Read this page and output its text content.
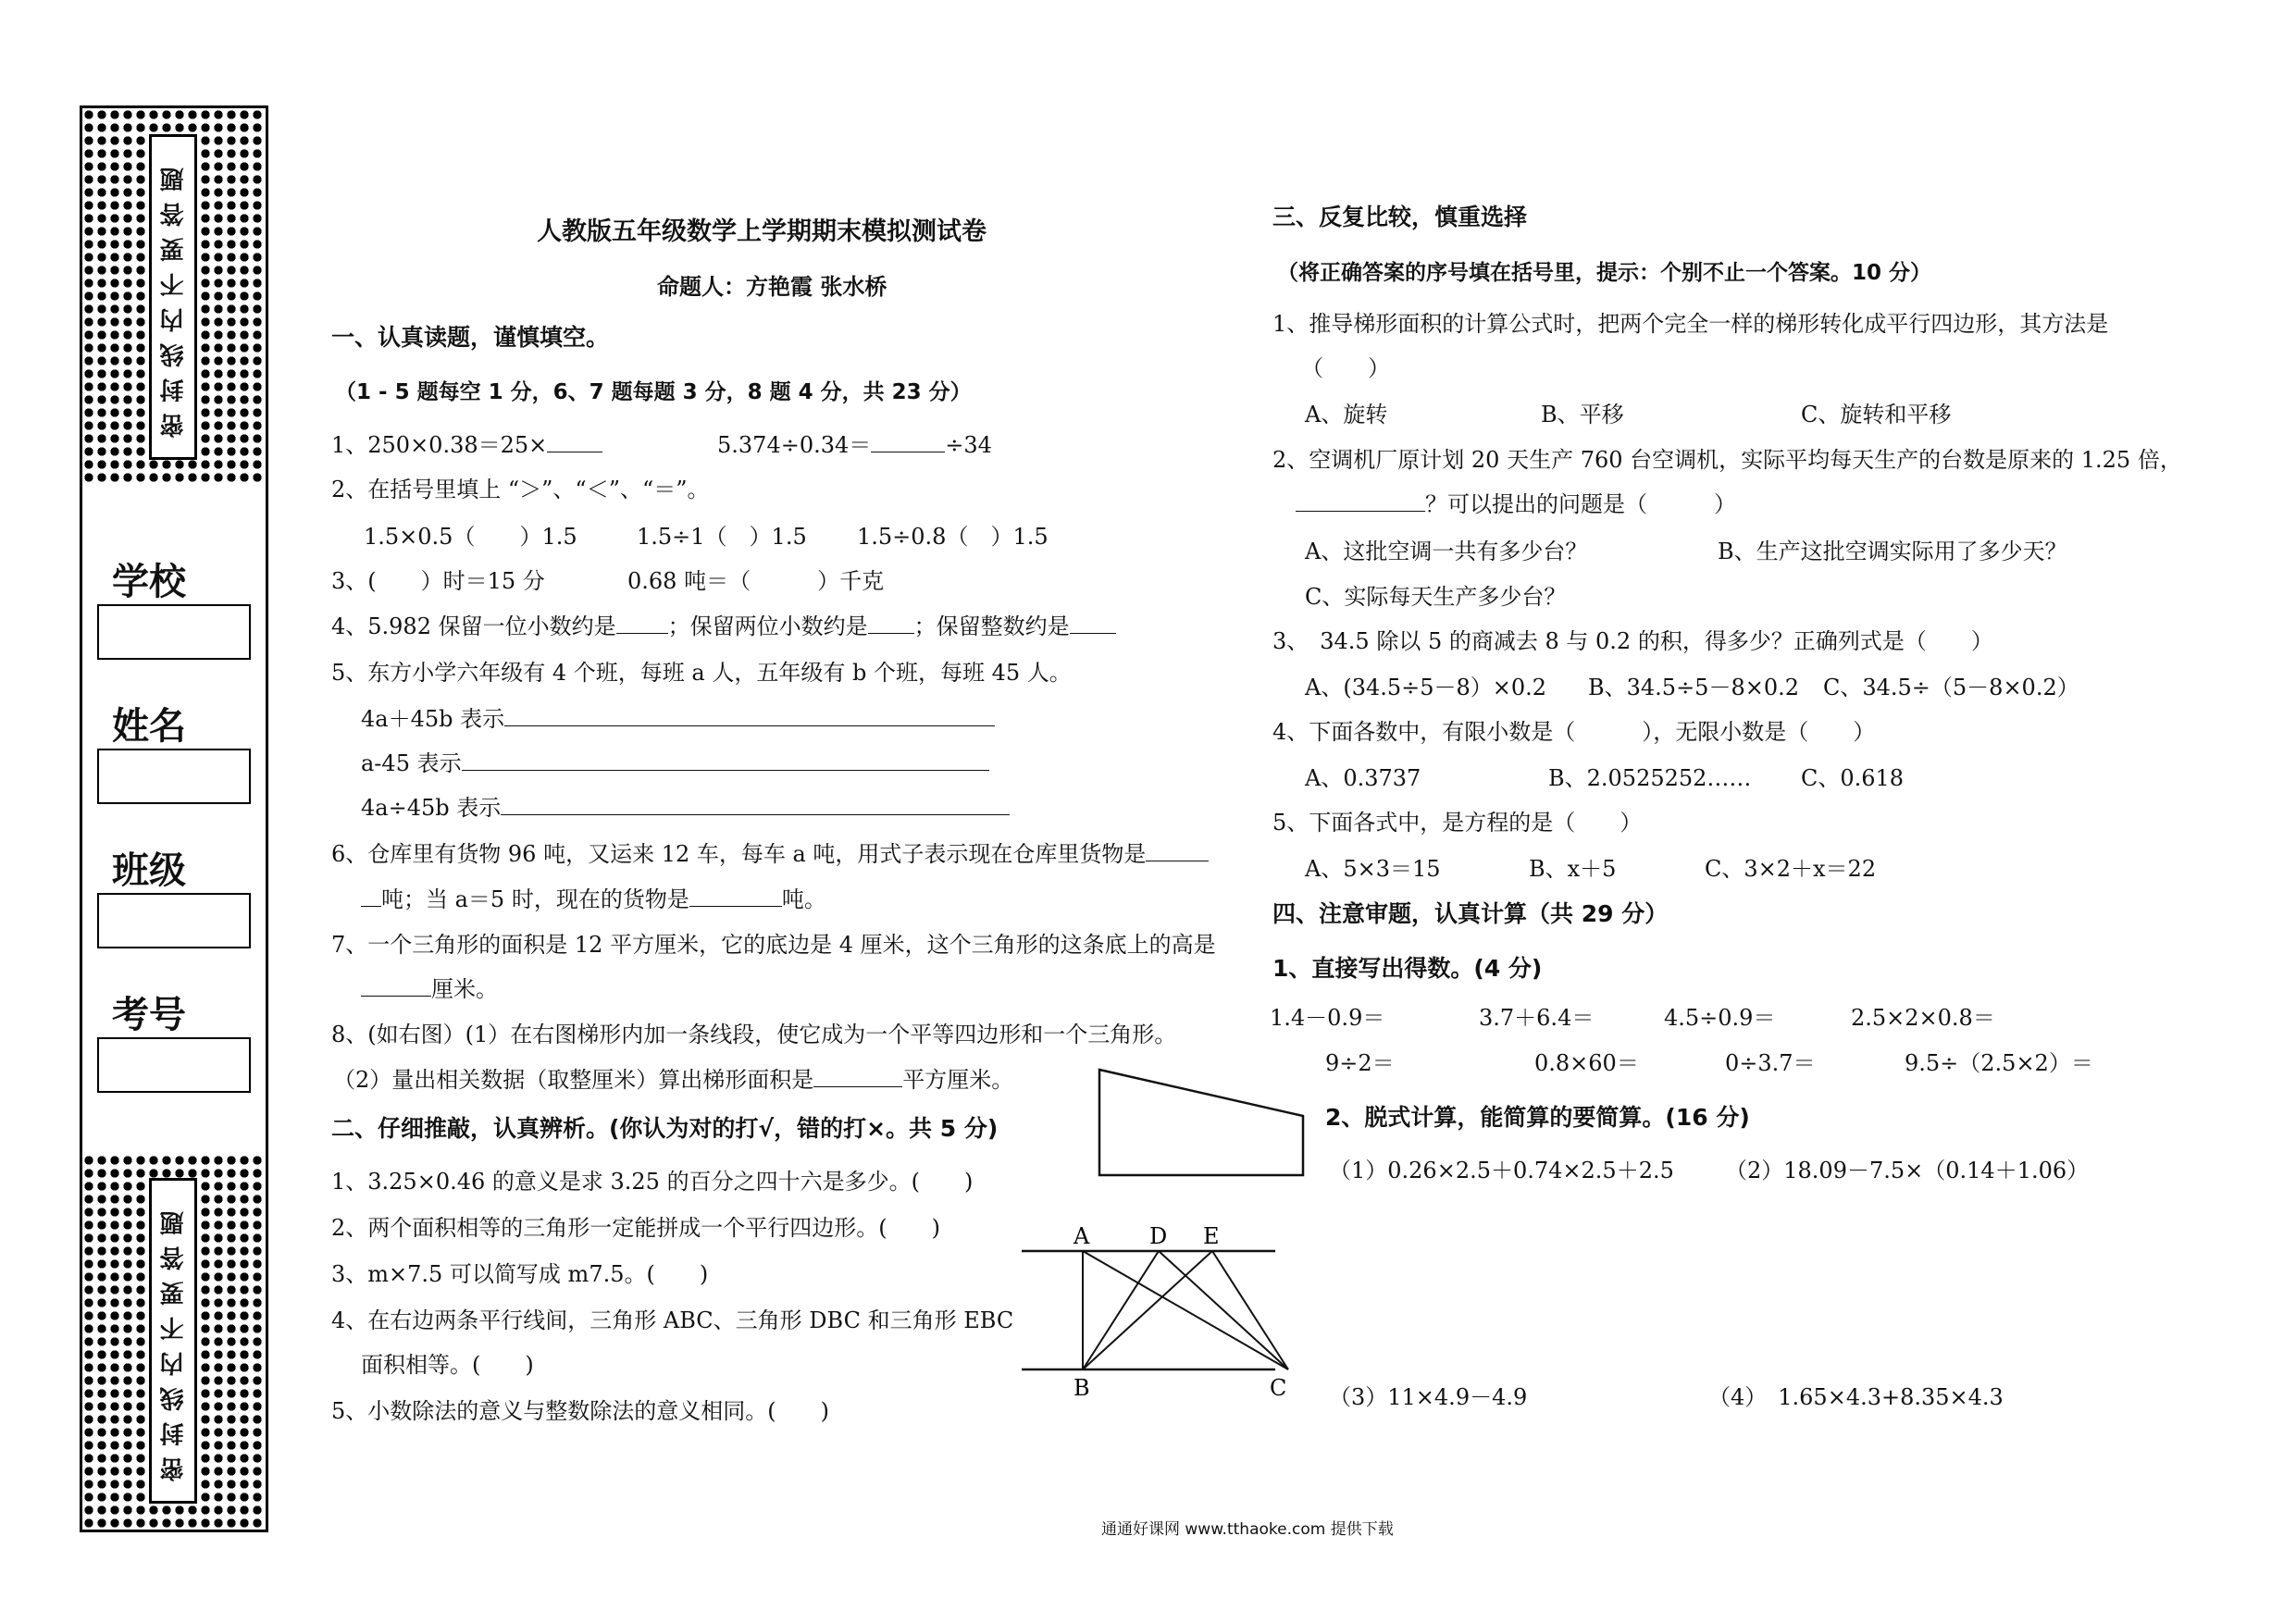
密封线内不要答题
学校
姓名
班级
考号
密封线内不要答题
人教版五年级数学上学期期末模拟测试卷
命题人：方艳霞 张水桥
一、认真读题，谨慎填空。
（1 - 5 题每空 1 分，6、7 题每题 3 分，8 题 4 分，共 23 分）
1、250×0.38＝25×	5.374÷0.34＝	÷34
2、在括号里填上 “＞”、“＜”、“＝”。
1.5×0.5（　　）1.5	1.5÷1（　）1.5 1.5÷0.8（　）1.5
3、(　　）时＝15 分	0.68 吨＝（　　　）千克
4、5.982 保留一位小数约是 ；保留两位小数约是 ；保留整数约是
5、东方小学六年级有 4 个班，每班 a 人，五年级有 b 个班，每班 45 人。
4a＋45b 表示
a-45 表示
4a÷45b 表示
6、仓库里有货物 96 吨，又运来 12 车，每车 a 吨，用式子表示现在仓库里货物是
吨；当 a＝5 时，现在的货物是	吨。
7、一个三角形的面积是 12 平方厘米，它的底边是 4 厘米，这个三角形的这条底上的高是
厘米。
8、(如右图）(1）在右图梯形内加一条线段，使它成为一个平等四边形和一个三角形。
（2）量出相关数据（取整厘米）算出梯形面积是	平方厘米。
二、仔细推敲，认真辨析。(你认为对的打√，错的打×。共 5 分)
1、3.25×0.46 的意义是求 3.25 的百分之四十六是多少。(　　)
2、两个面积相等的三角形一定能拼成一个平行四边形。(　　)
3、m×7.5 可以简写成 m7.5。(　　)
4、在右边两条平行线间，三角形 ABC、三角形 DBC 和三角形 EBC
面积相等。(　　)
5、小数除法的意义与整数除法的意义相同。(　　)
A	D E
B	C
三、反复比较，慎重选择
（将正确答案的序号填在括号里，提示：个别不止一个答案。10 分）
1、推导梯形面积的计算公式时，把两个完全一样的梯形转化成平行四边形，其方法是
（　　）
A、旋转	B、平移	C、旋转和平移
2、空调机厂原计划 20 天生产 760 台空调机，实际平均每天生产的台数是原来的 1.25 倍，
？可以提出的问题是（　　　）
A、这批空调一共有多少台？	B、生产这批空调实际用了多少天？
C、实际每天生产多少台？
3、　34.5 除以 5 的商减去 8 与 0.2 的积，得多少？正确列式是（　　）
A、(34.5÷5－8）×0.2 B、34.5÷5－8×0.2 C、34.5÷（5－8×0.2）
4、下面各数中，有限小数是（　　　），无限小数是（　　）
A、0.3737	B、2.0525252…… C、0.618
5、下面各式中，是方程的是（　　）
A、5×3＝15	B、x＋5	C、3×2＋x＝22
四、注意审题，认真计算（共 29 分）
1、直接写出得数。(4 分)
1.4－0.9＝	3.7＋6.4＝	4.5÷0.9＝	2.5×2×0.8＝
9÷2＝	0.8×60＝	0÷3.7＝	9.5÷（2.5×2）＝
2、脱式计算，能简算的要简算。(16 分)
（1）0.26×2.5＋0.74×2.5＋2.5 （2）18.09－7.5×（0.14＋1.06）
（3）11×4.9－4.9	（4）　1.65×4.3+8.35×4.3
通通好课网 www.tthaoke.com 提供下载
